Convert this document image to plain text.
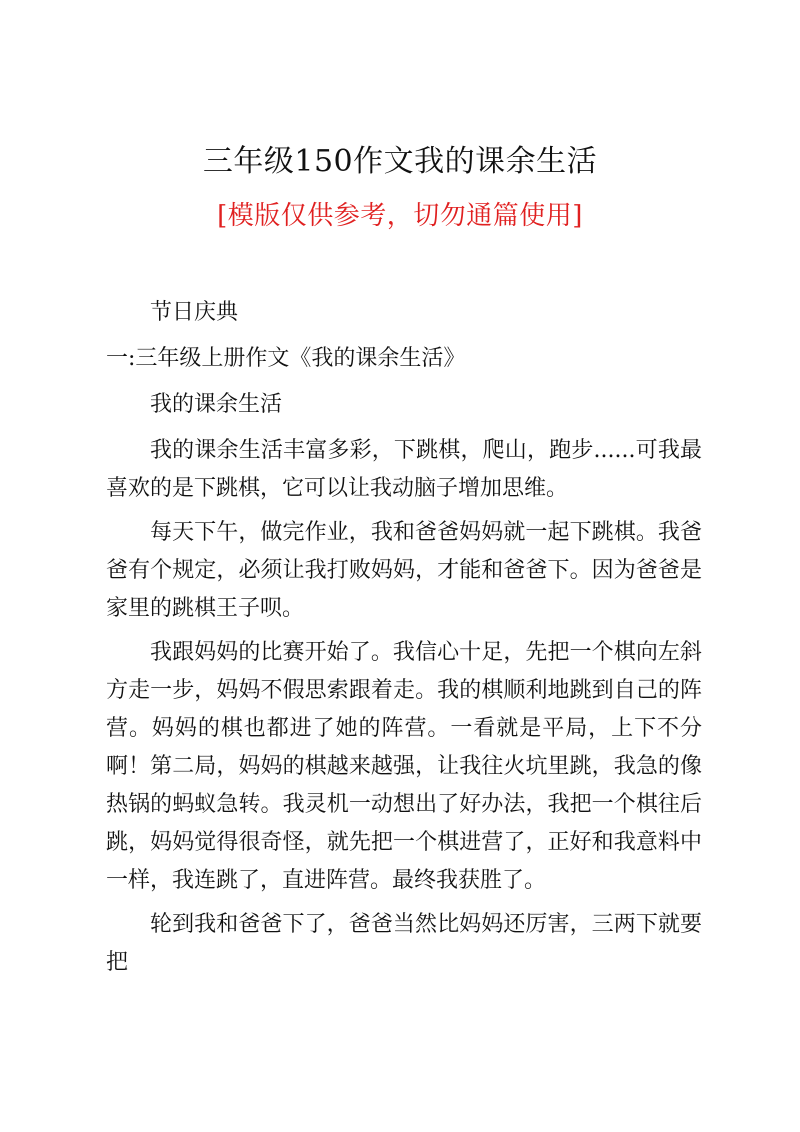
三年级150作文我的课余生活
[模版仅供参考，切勿通篇使用]
节日庆典
一:三年级上册作文《我的课余生活》
我的课余生活

我的课余生活丰富多彩，下跳棋，爬山，跑步......可我最喜欢的是下跳棋，它可以让我动脑子增加思维。

每天下午，做完作业，我和爸爸妈妈就一起下跳棋。我爸爸有个规定，必须让我打败妈妈，才能和爸爸下。因为爸爸是家里的跳棋王子呗。

我跟妈妈的比赛开始了。我信心十足，先把一个棋向左斜方走一步，妈妈不假思索跟着走。我的棋顺利地跳到自己的阵营。妈妈的棋也都进了她的阵营。一看就是平局，上下不分啊！第二局，妈妈的棋越来越强，让我往火坑里跳，我急的像热锅的蚂蚁急转。我灵机一动想出了好办法，我把一个棋往后跳，妈妈觉得很奇怪，就先把一个棋进营了，正好和我意料中一样，我连跳了，直进阵营。最终我获胜了。

轮到我和爸爸下了，爸爸当然比妈妈还厉害，三两下就要把
